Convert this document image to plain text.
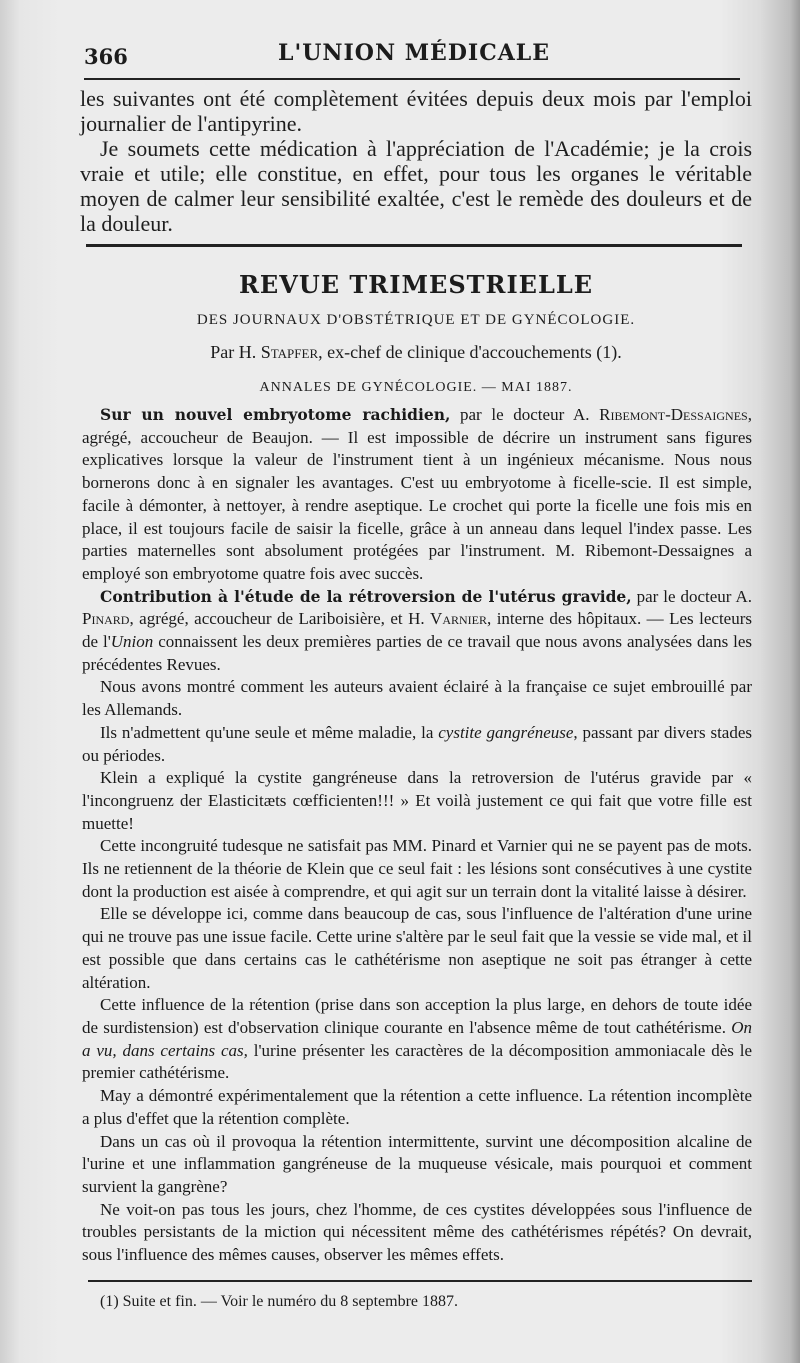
366	L'UNION MÉDICALE

les suivantes ont été complètement évitées depuis deux mois par l'emploi journalier de l'antipyrine.

Je soumets cette médication à l'appréciation de l'Académie; je la crois vraie et utile; elle constitue, en effet, pour tous les organes le véritable moyen de calmer leur sensibilité exaltée, c'est le remède des douleurs et de la douleur.

REVUE TRIMESTRIELLE
DES JOURNAUX D'OBSTÉTRIQUE ET DE GYNÉCOLOGIE.
Par H. Stapfer, ex-chef de clinique d'accouchements (1).
ANNALES DE GYNÉCOLOGIE. — MAI 1887.

Sur un nouvel embryotome rachidien, par le docteur A. Ribemont-Dessaignes, agrégé, accoucheur de Beaujon. — Il est impossible de décrire un instrument sans figures explicatives lorsque la valeur de l'instrument tient à un ingénieux mécanisme. Nous nous bornerons donc à en signaler les avantages. C'est uu embryotome à ficelle-scie. Il est simple, facile à démonter, à nettoyer, à rendre aseptique. Le crochet qui porte la ficelle une fois mis en place, il est toujours facile de saisir la ficelle, grâce à un anneau dans lequel l'index passe. Les parties maternelles sont absolument protégées par l'instrument. M. Ribemont-Dessaignes a employé son embryotome quatre fois avec succès.

Contribution à l'étude de la rétroversion de l'utérus gravide, par le docteur A. Pinard, agrégé, accoucheur de Lariboisière, et H. Varnier, interne des hôpitaux. — Les lecteurs de l'Union connaissent les deux premières parties de ce travail que nous avons analysées dans les précédentes Revues.

Nous avons montré comment les auteurs avaient éclairé à la française ce sujet embrouillé par les Allemands.

Ils n'admettent qu'une seule et même maladie, la cystite gangréneuse, passant par divers stades ou périodes.

Klein a expliqué la cystite gangréneuse dans la retroversion de l'utérus gravide par « l'incongruenz der Elasticitæts cœfficienten!!! » Et voilà justement ce qui fait que votre fille est muette!

Cette incongruité tudesque ne satisfait pas MM. Pinard et Varnier qui ne se payent pas de mots. Ils ne retiennent de la théorie de Klein que ce seul fait : les lésions sont consécutives à une cystite dont la production est aisée à comprendre, et qui agit sur un terrain dont la vitalité laisse à désirer.

Elle se développe ici, comme dans beaucoup de cas, sous l'influence de l'altération d'une urine qui ne trouve pas une issue facile. Cette urine s'altère par le seul fait que la vessie se vide mal, et il est possible que dans certains cas le cathétérisme non aseptique ne soit pas étranger à cette altération.

Cette influence de la rétention (prise dans son acception la plus large, en dehors de toute idée de surdistension) est d'observation clinique courante en l'absence même de tout cathétérisme. On a vu, dans certains cas, l'urine présenter les caractères de la décomposition ammoniacale dès le premier cathétérisme.

May a démontré expérimentalement que la rétention a cette influence. La rétention incomplète a plus d'effet que la rétention complète.

Dans un cas où il provoqua la rétention intermittente, survint une décomposition alcaline de l'urine et une inflammation gangréneuse de la muqueuse vésicale, mais pourquoi et comment survient la gangrène?

Ne voit-on pas tous les jours, chez l'homme, de ces cystites développées sous l'influence de troubles persistants de la miction qui nécessitent même des cathétérismes répétés? On devrait, sous l'influence des mêmes causes, observer les mêmes effets.

(1) Suite et fin. — Voir le numéro du 8 septembre 1887.
